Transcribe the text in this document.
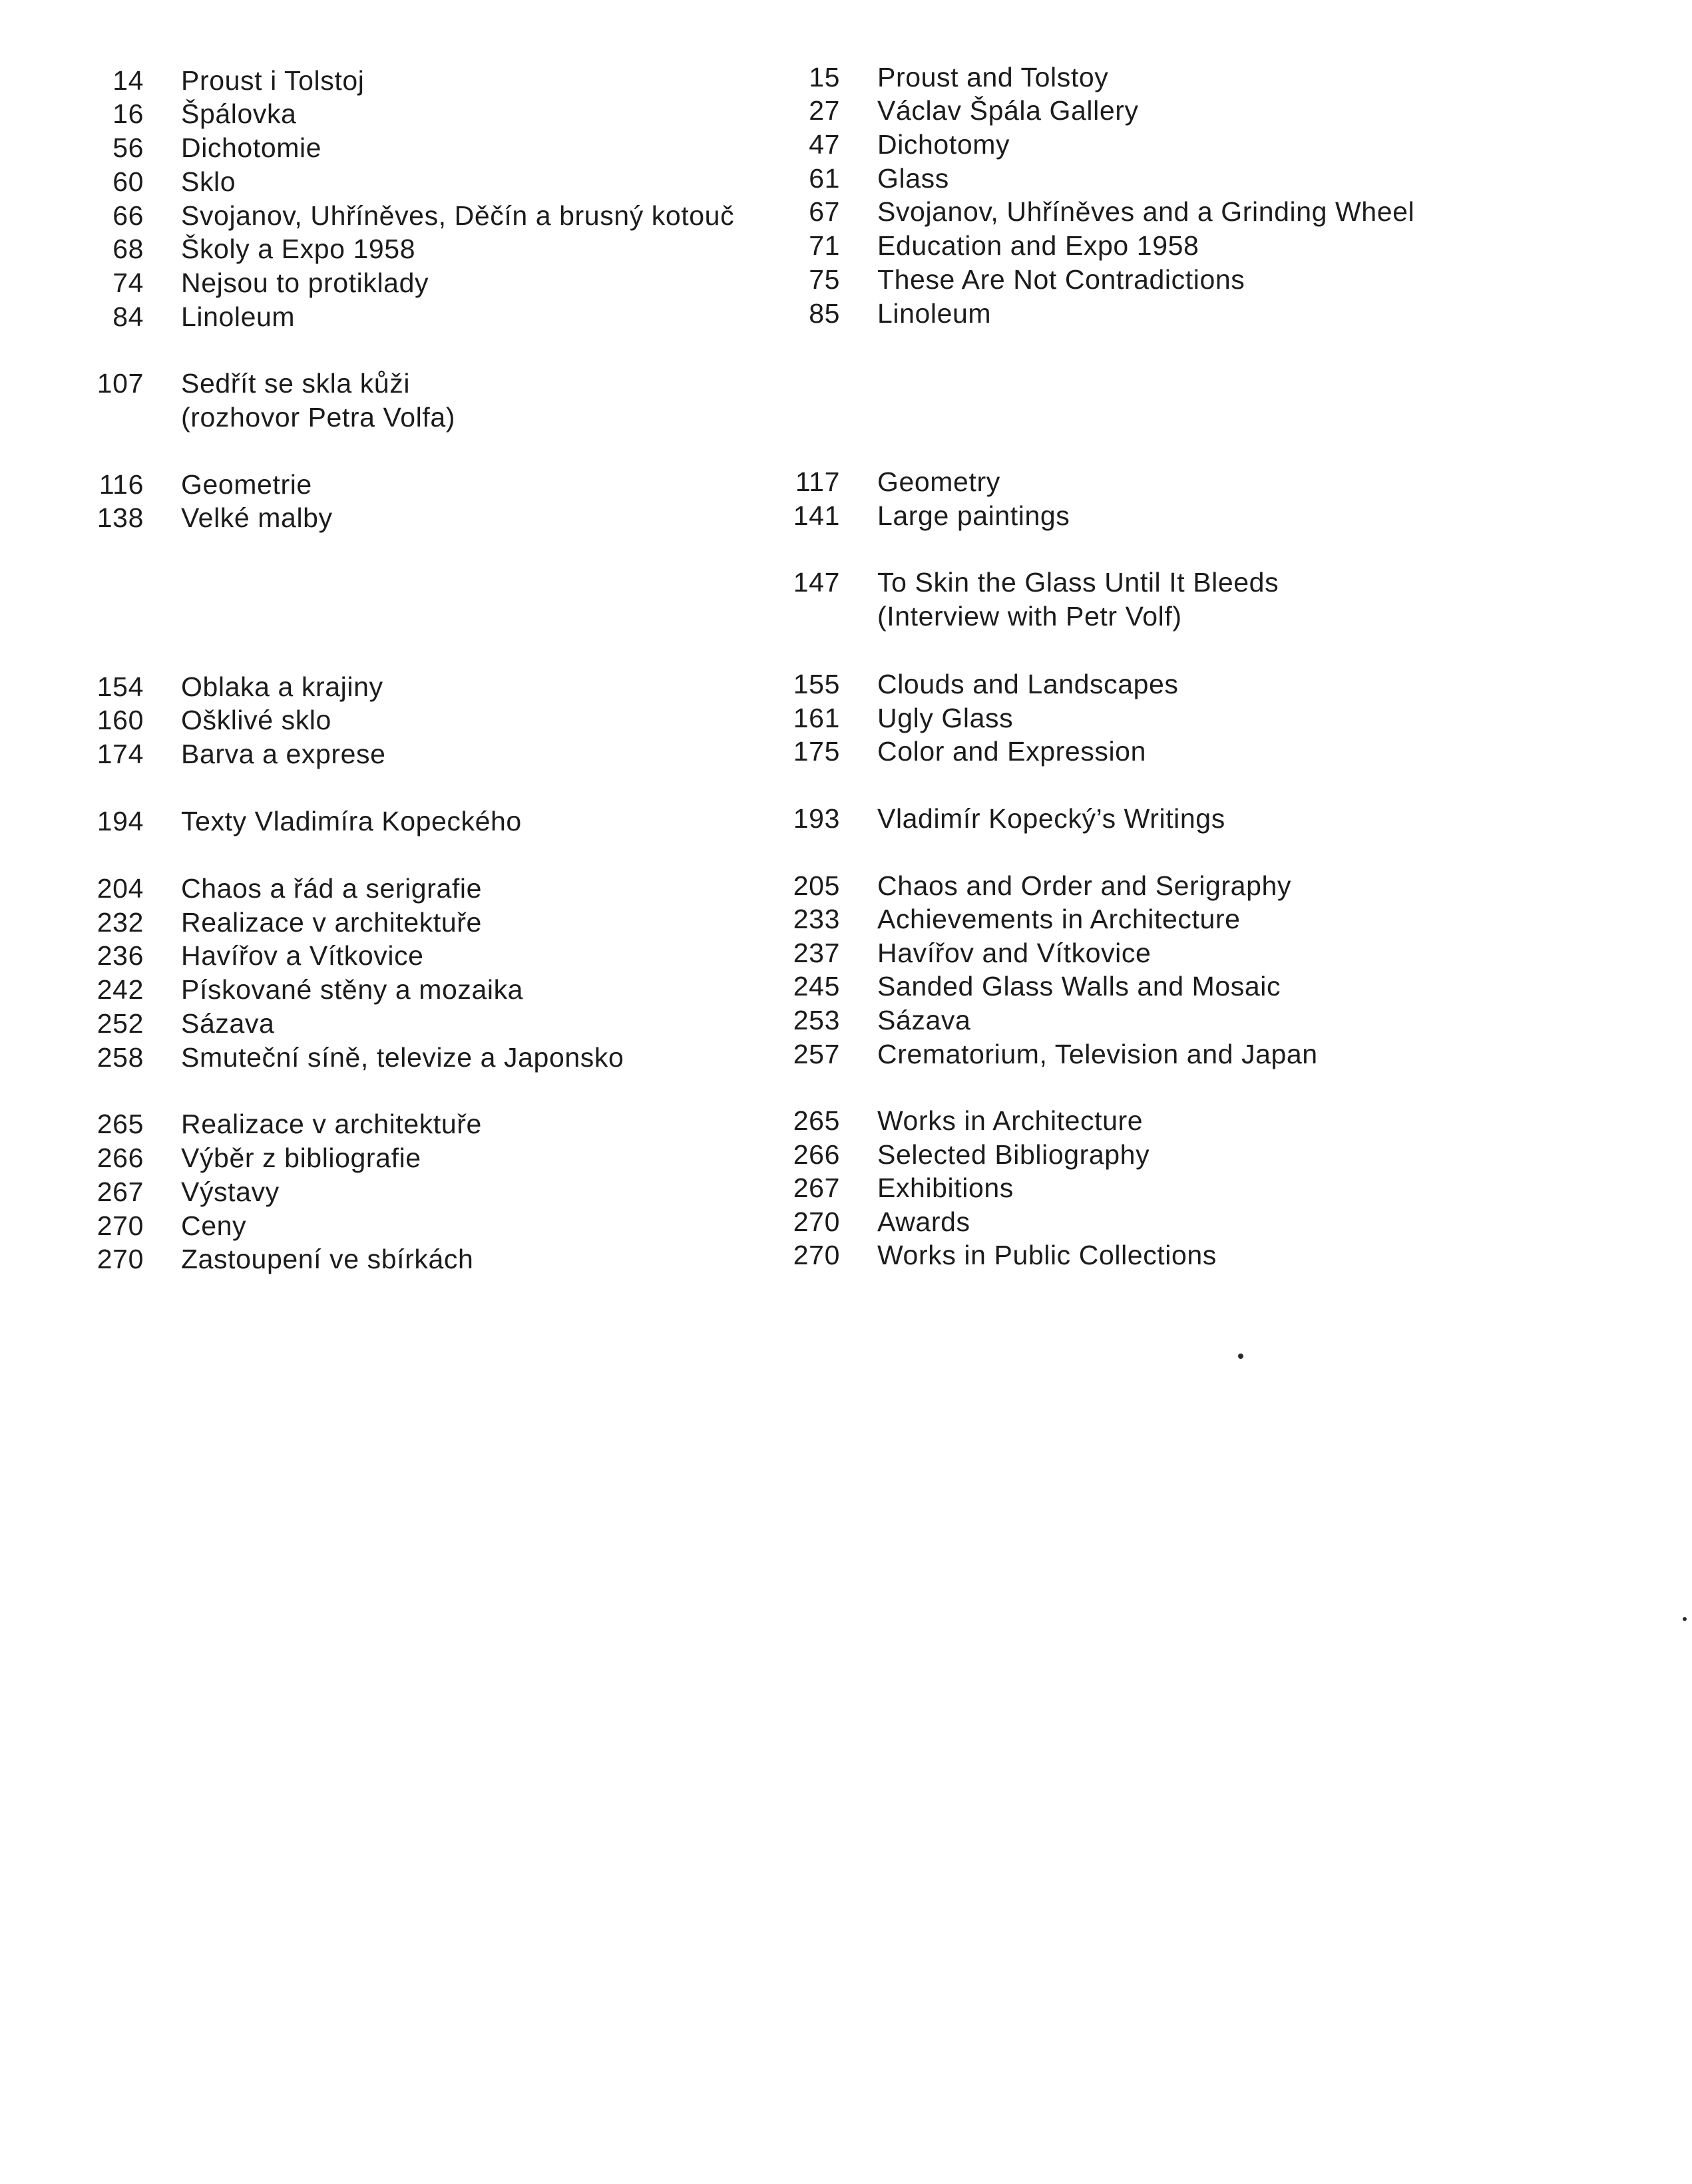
14 Proust i Tolstoj
16 Špálovka
56 Dichotomie
60 Sklo
66 Svojanov, Uhříněves, Děčín a brusný kotouč
68 Školy a Expo 1958
74 Nejsou to protiklady
84 Linoleum
107 Sedřít se skla kůži
(rozhovor Petra Volfa)
116 Geometrie
138 Velké malby
154 Oblaka a krajiny
160 Ošklivé sklo
174 Barva a exprese
194 Texty Vladimíra Kopeckého
204 Chaos a řád a serigrafie
232 Realizace v architektuře
236 Havířov a Vítkovice
242 Pískované stěny a mozaika
252 Sázava
258 Smuteční síně, televize a Japonsko
265 Realizace v architektuře
266 Výběr z bibliografie
267 Výstavy
270 Ceny
270 Zastoupení ve sbírkách
15 Proust and Tolstoy
27 Václav Špála Gallery
47 Dichotomy
61 Glass
67 Svojanov, Uhříněves and a Grinding Wheel
71 Education and Expo 1958
75 These Are Not Contradictions
85 Linoleum
117 Geometry
141 Large paintings
147 To Skin the Glass Until It Bleeds
(Interview with Petr Volf)
155 Clouds and Landscapes
161 Ugly Glass
175 Color and Expression
193 Vladimír Kopecký’s Writings
205 Chaos and Order and Serigraphy
233 Achievements in Architecture
237 Havířov and Vítkovice
245 Sanded Glass Walls and Mosaic
253 Sázava
257 Crematorium, Television and Japan
265 Works in Architecture
266 Selected Bibliography
267 Exhibitions
270 Awards
270 Works in Public Collections
